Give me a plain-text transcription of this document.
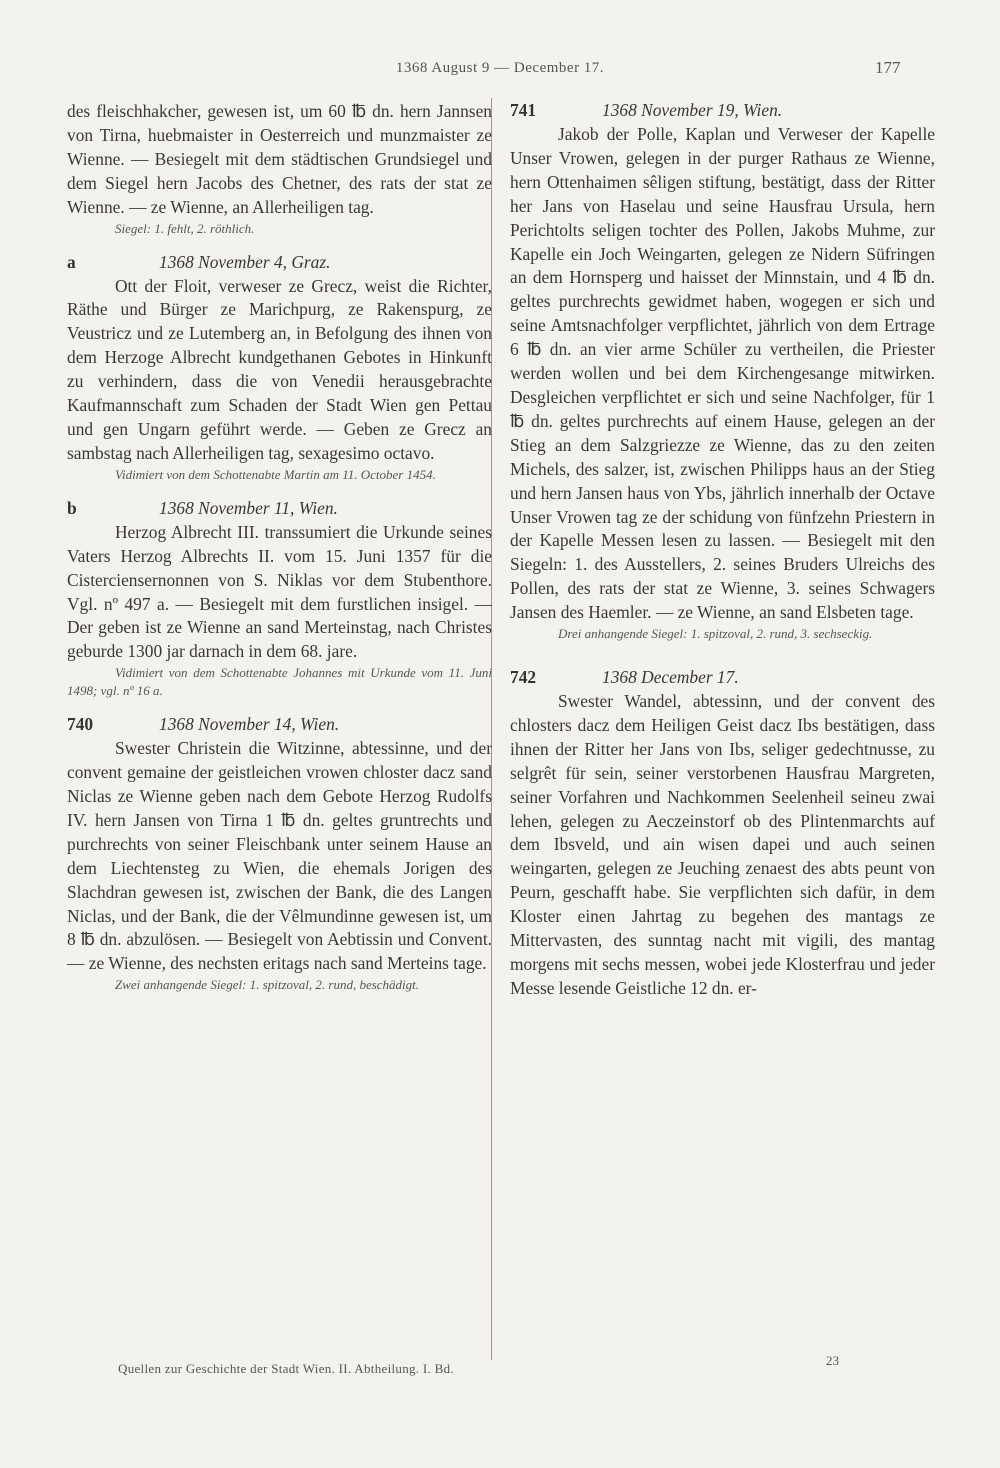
1368 August 9 — December 17.	177

des fleischhakcher, gewesen ist, um 60 ℔ dn. hern Jannsen von Tirna, huebmaister in Oesterreich und munzmaister ze Wienne. — Besiegelt mit dem städtischen Grundsiegel und dem Siegel hern Jacobs des Chetner, des rats der stat ze Wienne. — ze Wienne, an Allerheiligen tag.

Siegel: 1. fehlt, 2. röthlich.

a	1368 November 4, Graz.

Ott der Floit, verweser ze Grecz, weist die Richter, Räthe und Bürger ze Marichpurg, ze Rakenspurg, ze Veustricz und ze Lutemberg an, in Befolgung des ihnen von dem Herzoge Albrecht kundgethanen Gebotes in Hinkunft zu verhindern, dass die von Venedii herausgebrachte Kaufmannschaft zum Schaden der Stadt Wien gen Pettau und gen Ungarn geführt werde. — Geben ze Grecz an sambstag nach Allerheiligen tag, sexagesimo octavo.

Vidimiert von dem Schottenabte Martin am 11. October 1454.

b	1368 November 11, Wien.

Herzog Albrecht III. transsumiert die Urkunde seines Vaters Herzog Albrechts II. vom 15. Juni 1357 für die Cisterciensernonnen von S. Niklas vor dem Stubenthore. Vgl. nº 497 a. — Besiegelt mit dem furstlichen insigel. — Der geben ist ze Wienne an sand Merteinstag, nach Christes geburde 1300 jar darnach in dem 68. jare.

Vidimiert von dem Schottenabte Johannes mit Urkunde vom 11. Juni 1498; vgl. nº 16 a.

740	1368 November 14, Wien.

Swester Christein die Witzinne, abtessinne, und der convent gemaine der geistleichen vrowen chloster dacz sand Niclas ze Wienne geben nach dem Gebote Herzog Rudolfs IV. hern Jansen von Tirna 1 ℔ dn. geltes gruntrechts und purchrechts von seiner Fleischbank unter seinem Hause an dem Liechtensteg zu Wien, die ehemals Jorigen des Slachdran gewesen ist, zwischen der Bank, die des Langen Niclas, und der Bank, die der Vêlmundinne gewesen ist, um 8 ℔ dn. abzulösen. — Besiegelt von Aebtissin und Convent. — ze Wienne, des nechsten eritags nach sand Merteins tage.

Zwei anhangende Siegel: 1. spitzoval, 2. rund, beschädigt.

741	1368 November 19, Wien.

Jakob der Polle, Kaplan und Verweser der Kapelle Unser Vrowen, gelegen in der purger Rathaus ze Wienne, hern Ottenhaimen sêligen stiftung, bestätigt, dass der Ritter her Jans von Haselau und seine Hausfrau Ursula, hern Perichtolts seligen tochter des Pollen, Jakobs Muhme, zur Kapelle ein Joch Weingarten, gelegen ze Nidern Süfringen an dem Hornsperg und haisset der Minnstain, und 4 ℔ dn. geltes purchrechts gewidmet haben, wogegen er sich und seine Amtsnachfolger verpflichtet, jährlich von dem Ertrage 6 ℔ dn. an vier arme Schüler zu vertheilen, die Priester werden wollen und bei dem Kirchengesange mitwirken. Desgleichen verpflichtet er sich und seine Nachfolger, für 1 ℔ dn. geltes purchrechts auf einem Hause, gelegen an der Stieg an dem Salzgriezze ze Wienne, das zu den zeiten Michels, des salzer, ist, zwischen Philipps haus an der Stieg und hern Jansen haus von Ybs, jährlich innerhalb der Octave Unser Vrowen tag ze der schidung von fünfzehn Priestern in der Kapelle Messen lesen zu lassen. — Besiegelt mit den Siegeln: 1. des Ausstellers, 2. seines Bruders Ulreichs des Pollen, des rats der stat ze Wienne, 3. seines Schwagers Jansen des Haemler. — ze Wienne, an sand Elsbeten tage.

Drei anhangende Siegel: 1. spitzoval, 2. rund, 3. sechseckig.

742	1368 December 17.

Swester Wandel, abtessinn, und der convent des chlosters dacz dem Heiligen Geist dacz Ibs bestätigen, dass ihnen der Ritter her Jans von Ibs, seliger gedechtnusse, zu selgrêt für sein, seiner verstorbenen Hausfrau Margreten, seiner Vorfahren und Nachkommen Seelenheil seineu zwai lehen, gelegen zu Aeczeinstorf ob des Plintenmarchts auf dem Ibsveld, und ain wisen dapei und auch seinen weingarten, gelegen ze Jeuching zenaest des abts peunt von Peurn, geschafft habe. Sie verpflichten sich dafür, in dem Kloster einen Jahrtag zu begehen des mantags ze Mittervasten, des sunntag nacht mit vigili, des mantag morgens mit sechs messen, wobei jede Klosterfrau und jeder Messe lesende Geistliche 12 dn. er-

Quellen zur Geschichte der Stadt Wien. II. Abtheilung. I. Bd.
23
